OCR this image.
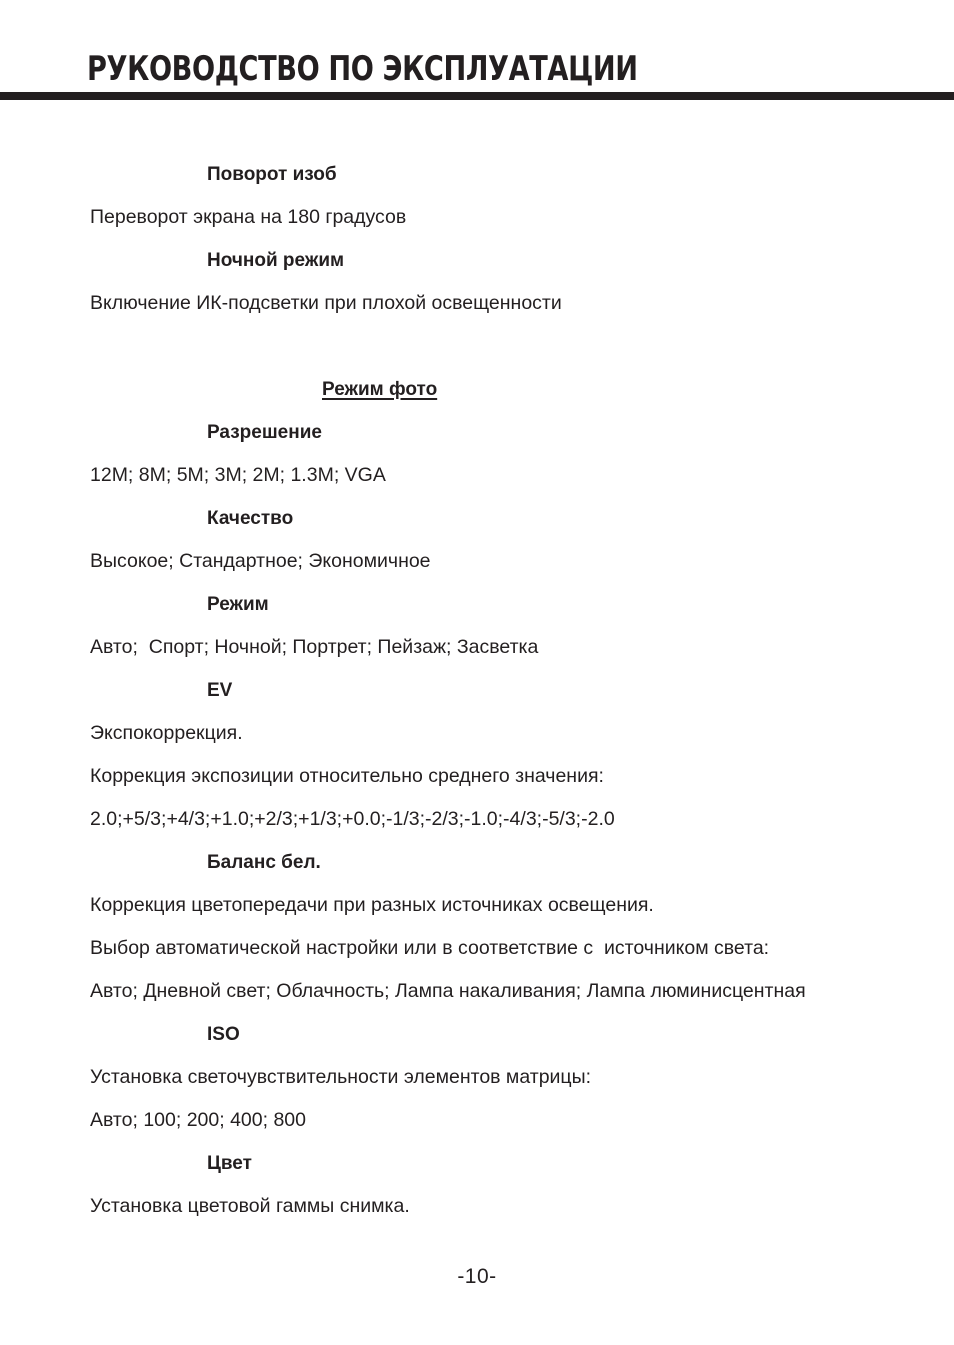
РУКОВОДСТВО ПО ЭКСПЛУАТАЦИИ
Поворот изоб
Переворот экрана на 180 градусов
Ночной режим
Включение ИК-подсветки при плохой освещенности
Режим фото
Разрешение
12M; 8M; 5M; 3M; 2M; 1.3M; VGA
Качество
Высокое; Стандартное; Экономичное
Режим
Авто;  Спорт; Ночной; Портрет; Пейзаж; Засветка
EV
Экспокоррекция.
Коррекция экспозиции относительно среднего значения:
2.0;+5/3;+4/3;+1.0;+2/3;+1/3;+0.0;-1/3;-2/3;-1.0;-4/3;-5/3;-2.0
Баланс бел.
Коррекция цветопередачи при разных источниках освещения.
Выбор автоматической настройки или в соответствие с  источником света:
Авто; Дневной свет; Облачность; Лампа накаливания; Лампа люминисцентная
ISO
Установка светочувствительности элементов матрицы:
Авто; 100; 200; 400; 800
Цвет
Установка цветовой гаммы снимка.
-10-
